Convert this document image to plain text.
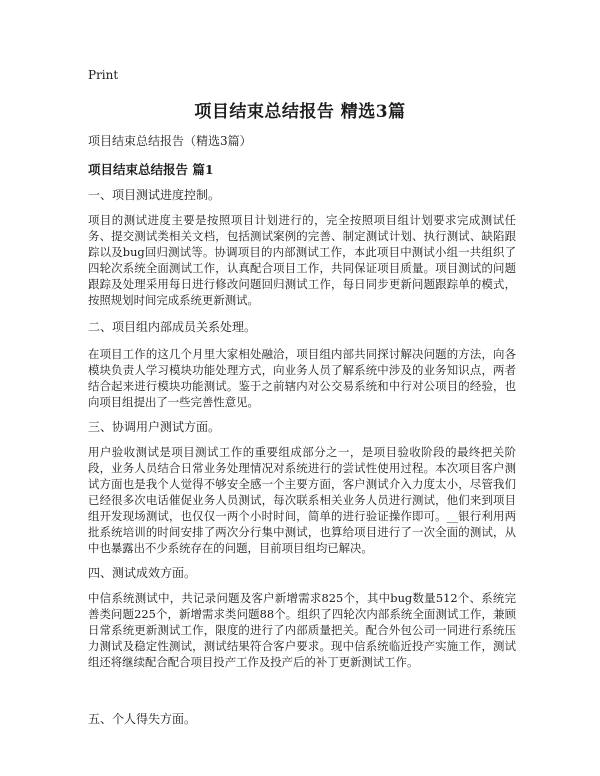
Print
项目结束总结报告 精选3篇
项目结束总结报告（精选3篇）
项目结束总结报告 篇1
一、项目测试进度控制。

项目的测试进度主要是按照项目计划进行的，完全按照项目组计划要求完成测试任务、提交测试类相关文档，包括测试案例的完善、制定测试计划、执行测试、缺陷跟踪以及bug回归测试等。协调项目的内部测试工作，本此项目中测试小组一共组织了四轮次系统全面测试工作，认真配合项目工作，共同保证项目质量。项目测试的问题跟踪及处理采用每日进行修改问题回归测试工作，每日同步更新问题跟踪单的模式，按照规划时间完成系统更新测试。

二、项目组内部成员关系处理。

在项目工作的这几个月里大家相处融洽，项目组内部共同探讨解决问题的方法，向各模块负责人学习模块功能处理方式，向业务人员了解系统中涉及的业务知识点，两者结合起来进行模块功能测试。鉴于之前辖内对公交易系统和中行对公项目的经验，也向项目组提出了一些完善性意见。

三、协调用户测试方面。

用户验收测试是项目测试工作的重要组成部分之一，是项目验收阶段的最终把关阶段，业务人员结合日常业务处理情况对系统进行的尝试性使用过程。本次项目客户测试方面也是我个人觉得不够安全感一个主要方面，客户测试介入力度太小，尽管我们已经很多次电话催促业务人员测试，每次联系相关业务人员进行测试，他们来到项目组开发现场测试，也仅仅一两个小时时间，简单的进行验证操作即可。__银行利用两批系统培训的时间安排了两次分行集中测试，也算给项目进行了一次全面的测试，从中也暴露出不少系统存在的问题，目前项目组均已解决。

四、测试成效方面。

中信系统测试中，共记录问题及客户新增需求825个，其中bug数量512个、系统完善类问题225个，新增需求类问题88个。组织了四轮次内部系统全面测试工作，兼顾日常系统更新测试工作，限度的进行了内部质量把关。配合外包公司一同进行系统压力测试及稳定性测试，测试结果符合客户要求。现中信系统临近投产实施工作，测试组还将继续配合配合项目投产工作及投产后的补丁更新测试工作。

五、个人得失方面。
